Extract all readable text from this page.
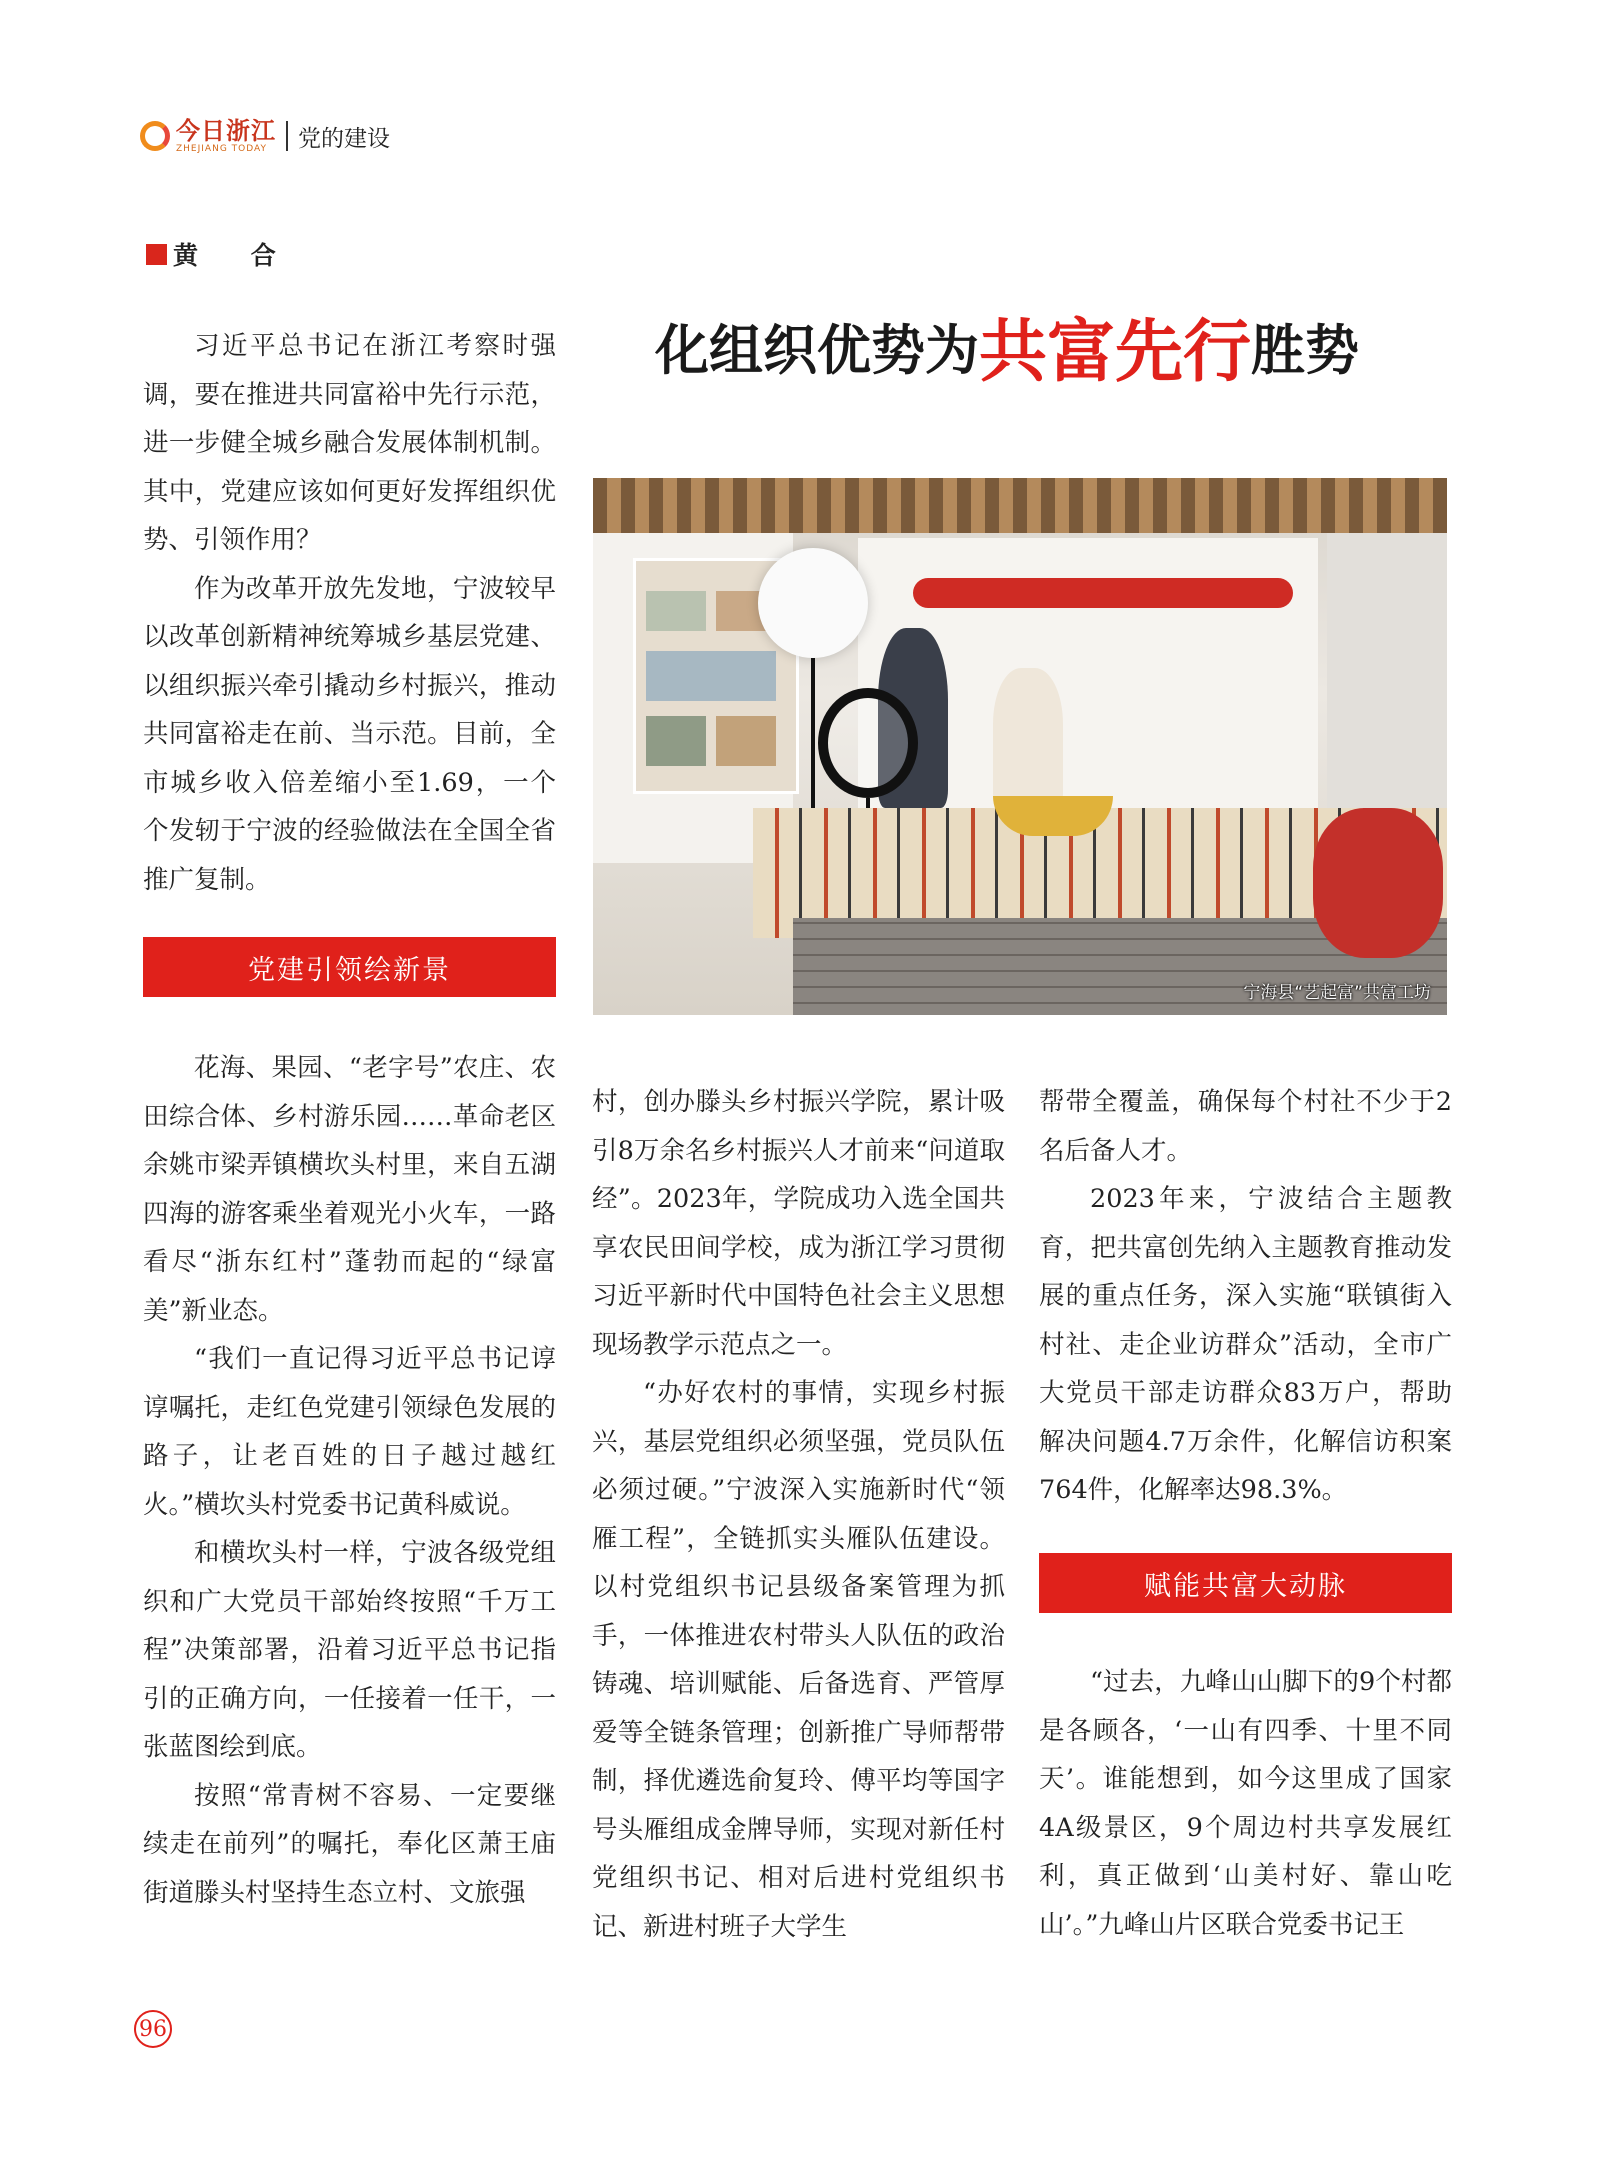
今日浙江
ZHEJIANG TODAY	党的建设
黄 合
化组织优势为 共富先行 胜势

习近平总书记在浙江考察时强调，要在推进共同富裕中先行示范，进一步健全城乡融合发展体制机制。其中，党建应该如何更好发挥组织优势、引领作用？

作为改革开放先发地，宁波较早以改革创新精神统筹城乡基层党建、以组织振兴牵引撬动乡村振兴，推动共同富裕走在前、当示范。目前，全市城乡收入倍差缩小至1.69，一个个发轫于宁波的经验做法在全国全省推广复制。

党建引领绘新景

花海、果园、“老字号”农庄、农田综合体、乡村游乐园……革命老区余姚市梁弄镇横坎头村里，来自五湖四海的游客乘坐着观光小火车，一路看尽“浙东红村”蓬勃而起的“绿富美”新业态。

“我们一直记得习近平总书记谆谆嘱托，走红色党建引领绿色发展的路子，让老百姓的日子越过越红火。”横坎头村党委书记黄科威说。

和横坎头村一样，宁波各级党组织和广大党员干部始终按照“千万工程”决策部署，沿着习近平总书记指引的正确方向，一任接着一任干，一张蓝图绘到底。

按照“常青树不容易、一定要继续走在前列”的嘱托，奉化区萧王庙街道滕头村坚持生态立村、文旅强

宁海县“艺起富”共富工坊

村，创办滕头乡村振兴学院，累计吸引8万余名乡村振兴人才前来“问道取经”。2023年，学院成功入选全国共享农民田间学校，成为浙江学习贯彻习近平新时代中国特色社会主义思想现场教学示范点之一。

“办好农村的事情，实现乡村振兴，基层党组织必须坚强，党员队伍必须过硬。”宁波深入实施新时代“领雁工程”，全链抓实头雁队伍建设。以村党组织书记县级备案管理为抓手，一体推进农村带头人队伍的政治铸魂、培训赋能、后备选育、严管厚爱等全链条管理；创新推广导师帮带制，择优遴选俞复玲、傅平均等国字号头雁组成金牌导师，实现对新任村党组织书记、相对后进村党组织书记、新进村班子大学生

帮带全覆盖，确保每个村社不少于2名后备人才。

2023年来，宁波结合主题教育，把共富创先纳入主题教育推动发展的重点任务，深入实施“联镇街入村社、走企业访群众”活动，全市广大党员干部走访群众83万户，帮助解决问题4.7万余件，化解信访积案764件，化解率达98.3%。

赋能共富大动脉

“过去，九峰山山脚下的9个村都是各顾各，‘一山有四季、十里不同天’。谁能想到，如今这里成了国家4A级景区，9个周边村共享发展红利，真正做到‘山美村好、靠山吃山’。”九峰山片区联合党委书记王

96
